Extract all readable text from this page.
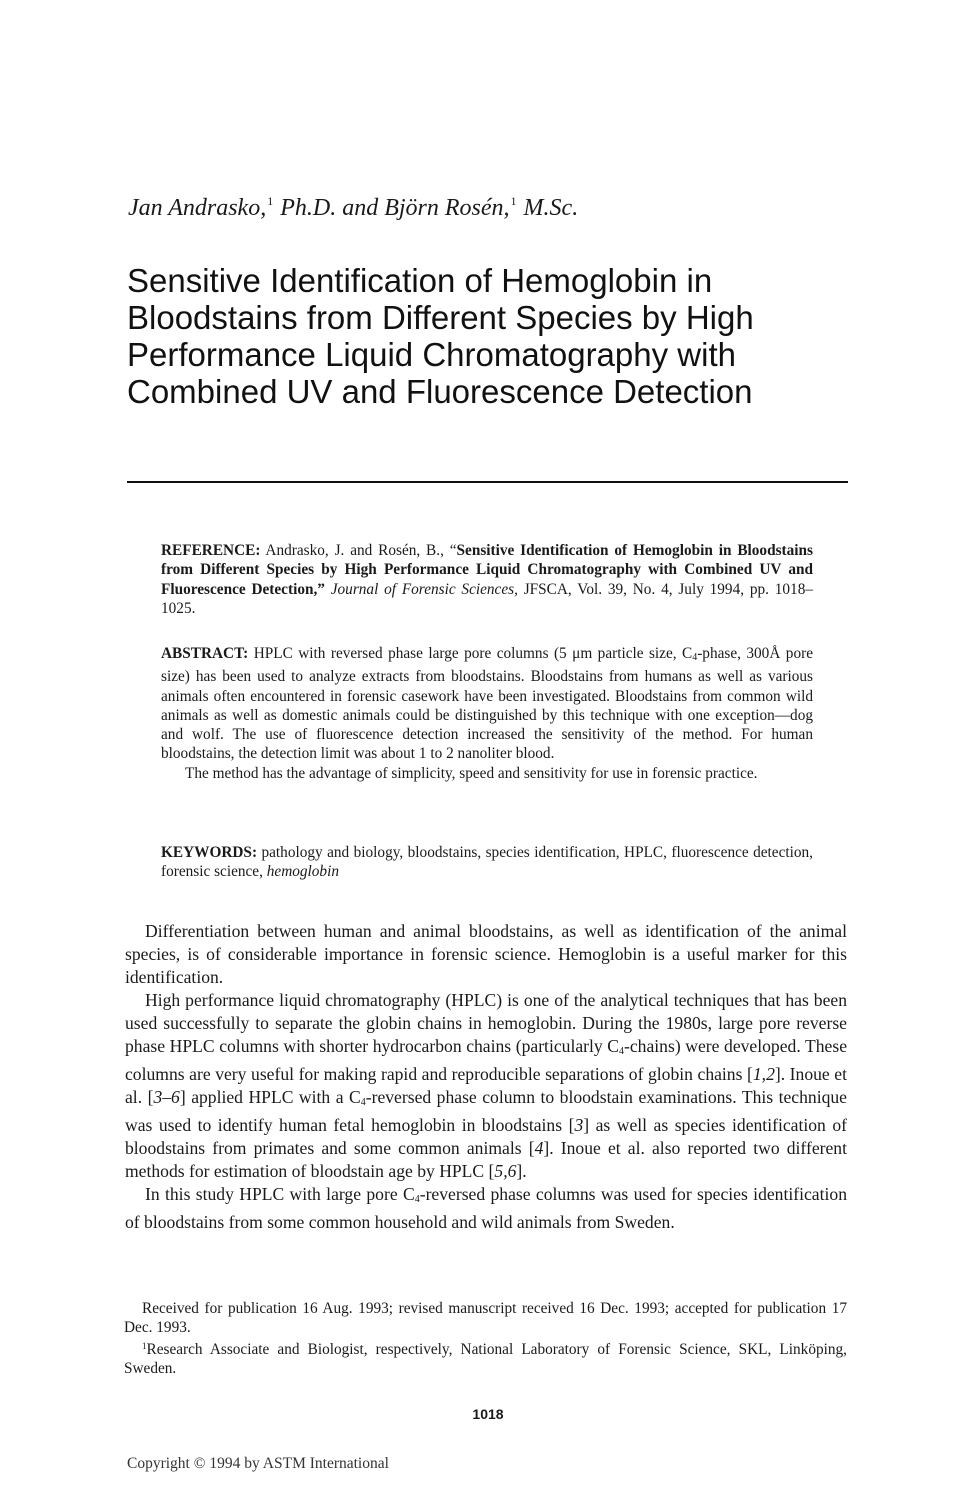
Jan Andrasko,$^1$ Ph.D. and Björn Rosén,$^1$ M.Sc.
Sensitive Identification of Hemoglobin in
Bloodstains from Different Species by High
Performance Liquid Chromatography with
Combined UV and Fluorescence Detection

REFERENCE: Andrasko, J. and Rosén, B., “Sensitive Identification of Hemoglobin in Bloodstains from Different Species by High Performance Liquid Chromatography with Combined UV and Fluorescence Detection,” Journal of Forensic Sciences, JFSCA, Vol. 39, No. 4, July 1994, pp. 1018–1025.

ABSTRACT: HPLC with reversed phase large pore columns (5 μm particle size, $C_4$-phase, 300Å pore size) has been used to analyze extracts from bloodstains. Bloodstains from humans as well as various animals often encountered in forensic casework have been investigated. Bloodstains from common wild animals as well as domestic animals could be distinguished by this technique with one exception—dog and wolf. The use of fluorescence detection increased the sensitivity of the method. For human bloodstains, the detection limit was about 1 to 2 nanoliter blood.

The method has the advantage of simplicity, speed and sensitivity for use in forensic practice.

KEYWORDS: pathology and biology, bloodstains, species identification, HPLC, fluorescence detection, forensic science, hemoglobin

Differentiation between human and animal bloodstains, as well as identification of the animal species, is of considerable importance in forensic science. Hemoglobin is a useful marker for this identification.

High performance liquid chromatography (HPLC) is one of the analytical techniques that has been used successfully to separate the globin chains in hemoglobin. During the 1980s, large pore reverse phase HPLC columns with shorter hydrocarbon chains (particularly $C_4-chains$) were developed. These columns are very useful for making rapid and reproducible separations of globin chains [1,2]. Inoue et al. [3–6] applied HPLC with a $C_4$-reversed phase column to bloodstain examinations. This technique was used to identify human fetal hemoglobin in bloodstains [3] as well as species identification of bloodstains from primates and some common animals [4]. Inoue et al. also reported two different methods for estimation of bloodstain age by HPLC [5,6].

In this study HPLC with large pore $C_4$-reversed phase columns was used for species identification of bloodstains from some common household and wild animals from Sweden.

Received for publication 16 Aug. 1993; revised manuscript received 16 Dec. 1993; accepted for publication 17 Dec. 1993.

$^1$Research Associate and Biologist, respectively, National Laboratory of Forensic Science, SKL, Linköping, Sweden.

1018
Copyright © 1994 by ASTM International
